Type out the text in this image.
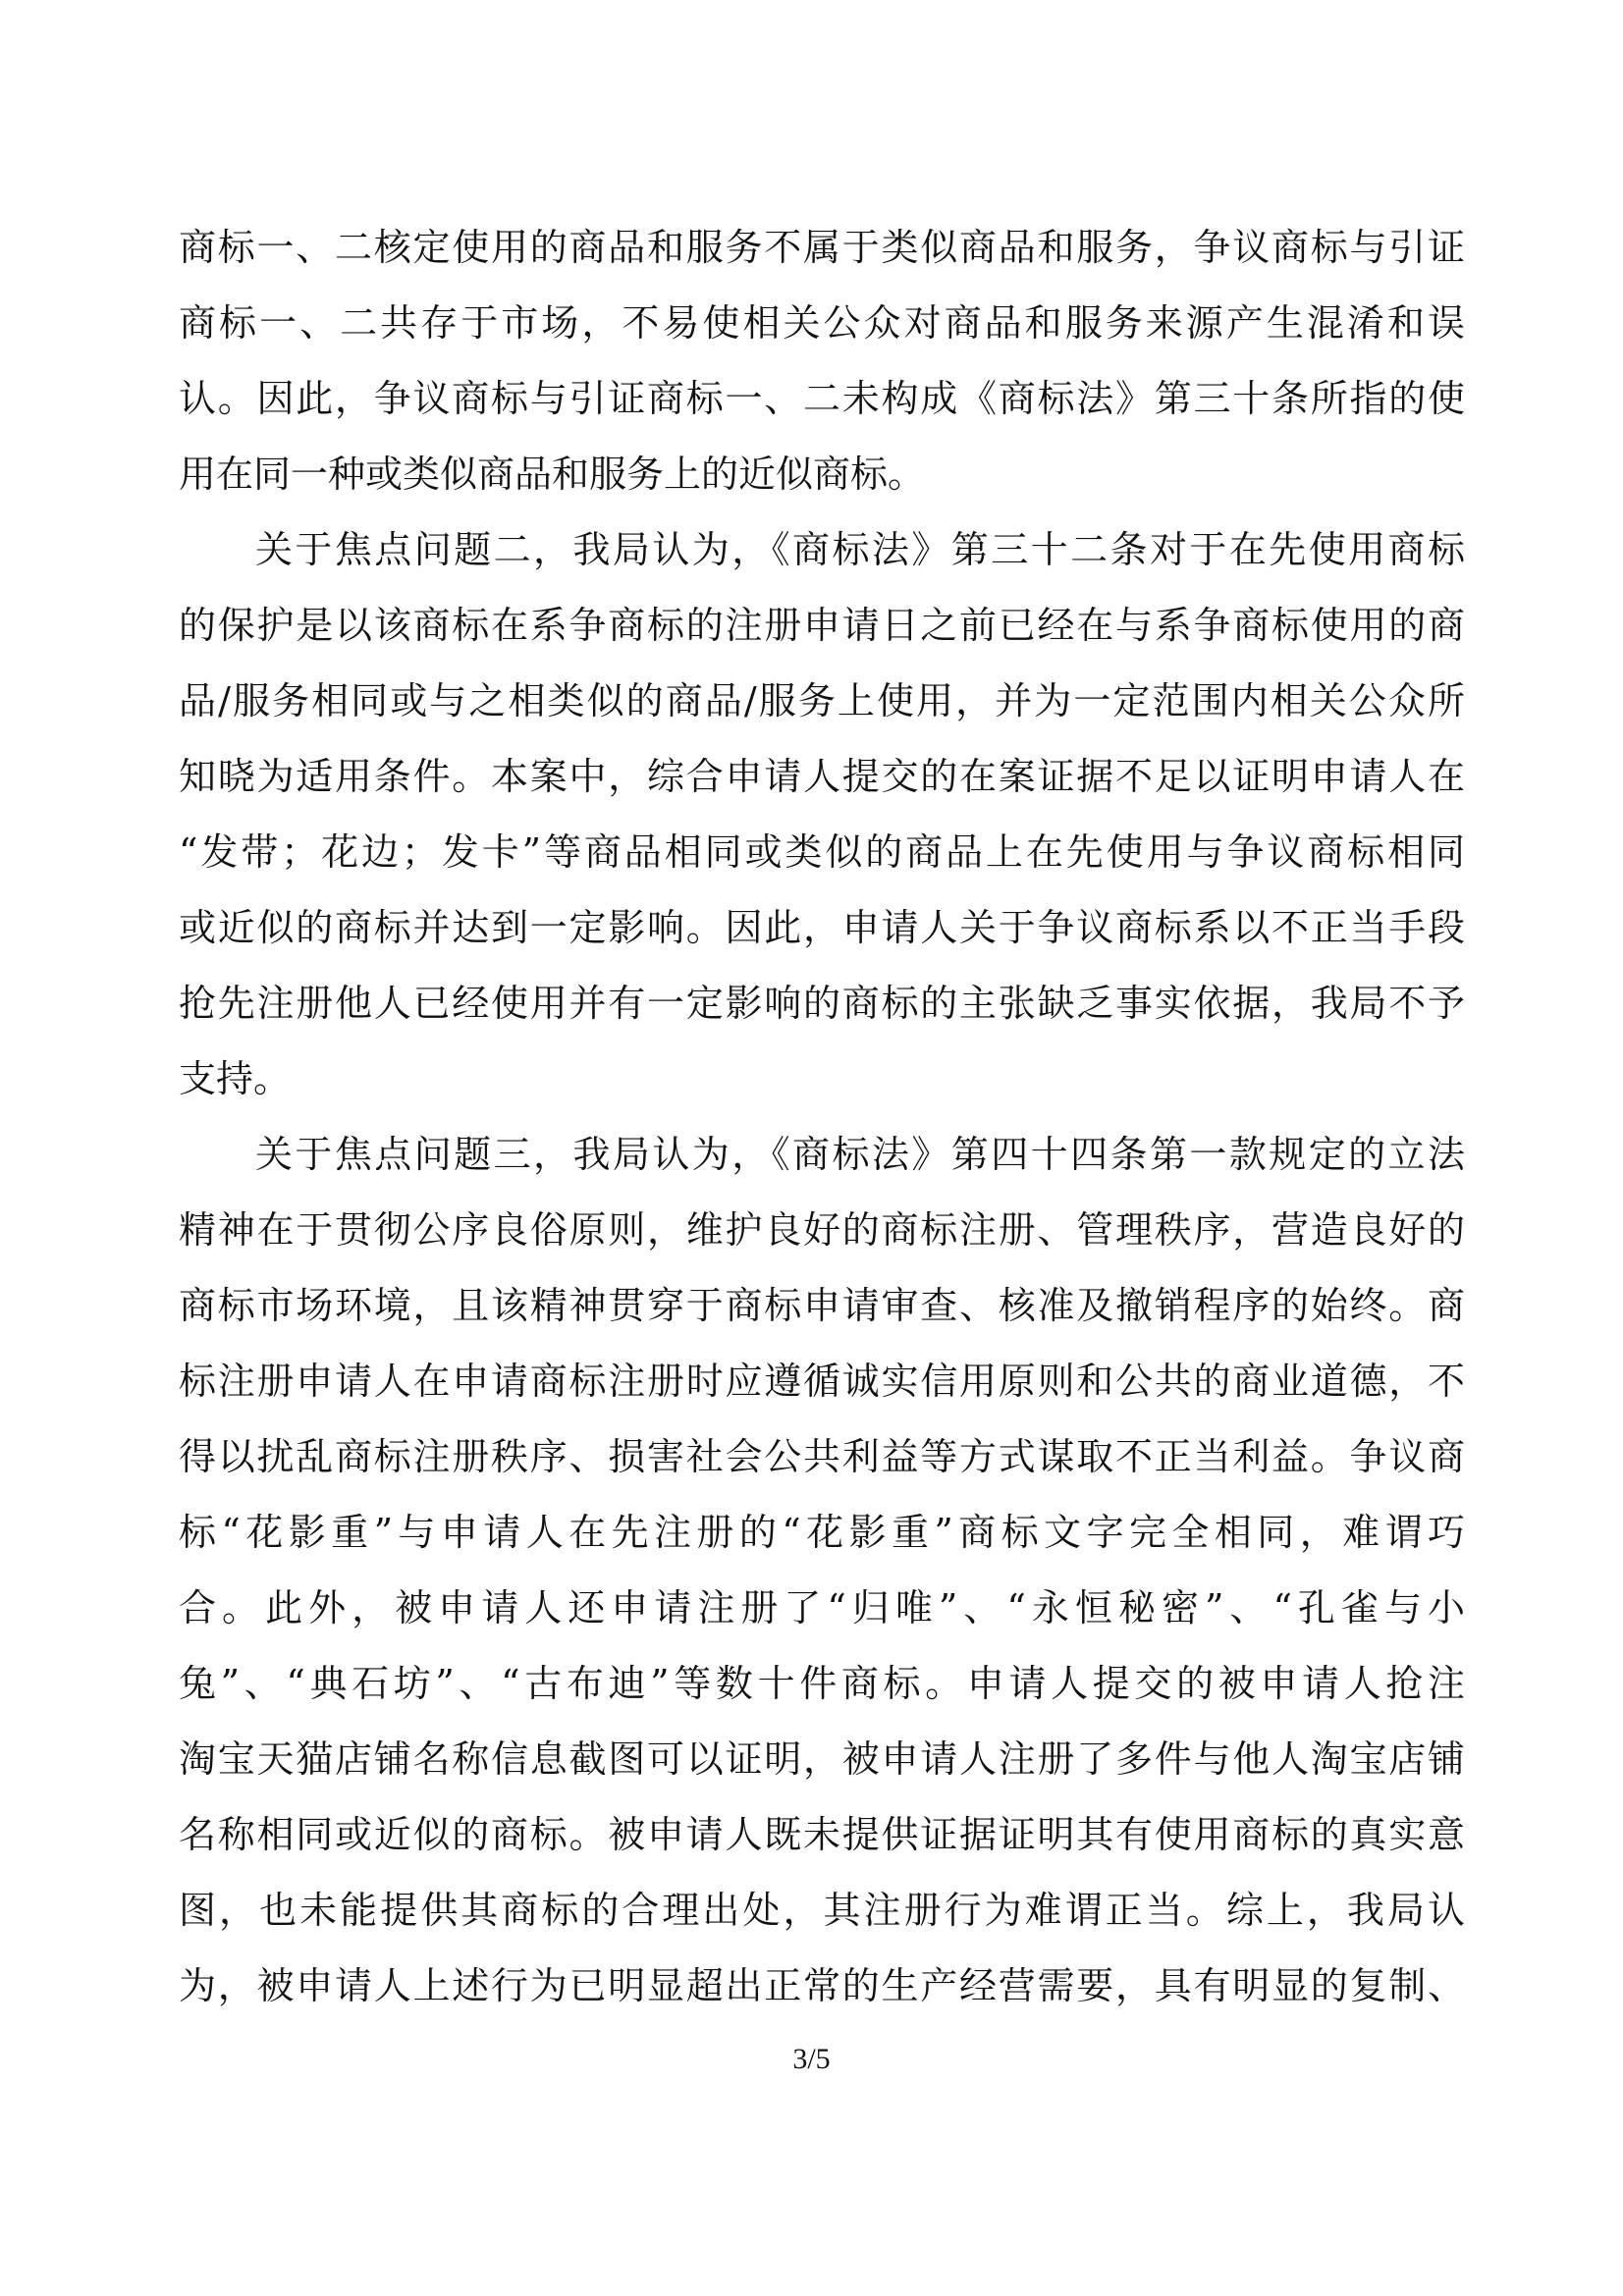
商标一、二核定使用的商品和服务不属于类似商品和服务，争议商标与引证
商标一、二共存于市场，不易使相关公众对商品和服务来源产生混淆和误
认。因此，争议商标与引证商标一、二未构成《商标法》第三十条所指的使
用在同一种或类似商品和服务上的近似商标。
关于焦点问题二，我局认为，《商标法》第三十二条对于在先使用商标
的保护是以该商标在系争商标的注册申请日之前已经在与系争商标使用的商
品/服务相同或与之相类似的商品/服务上使用，并为一定范围内相关公众所
知晓为适用条件。本案中，综合申请人提交的在案证据不足以证明申请人在
“发带；花边；发卡”等商品相同或类似的商品上在先使用与争议商标相同
或近似的商标并达到一定影响。因此，申请人关于争议商标系以不正当手段
抢先注册他人已经使用并有一定影响的商标的主张缺乏事实依据，我局不予
支持。
关于焦点问题三，我局认为，《商标法》第四十四条第一款规定的立法
精神在于贯彻公序良俗原则，维护良好的商标注册、管理秩序，营造良好的
商标市场环境，且该精神贯穿于商标申请审查、核准及撤销程序的始终。商
标注册申请人在申请商标注册时应遵循诚实信用原则和公共的商业道德，不
得以扰乱商标注册秩序、损害社会公共利益等方式谋取不正当利益。争议商
标“花影重”与申请人在先注册的“花影重”商标文字完全相同，难谓巧
合。此外，被申请人还申请注册了“归唯”、“永恒秘密”、“孔雀与小
兔”、“典石坊”、“古布迪”等数十件商标。申请人提交的被申请人抢注
淘宝天猫店铺名称信息截图可以证明，被申请人注册了多件与他人淘宝店铺
名称相同或近似的商标。被申请人既未提供证据证明其有使用商标的真实意
图，也未能提供其商标的合理出处，其注册行为难谓正当。综上，我局认
为，被申请人上述行为已明显超出正常的生产经营需要，具有明显的复制、
3/5
